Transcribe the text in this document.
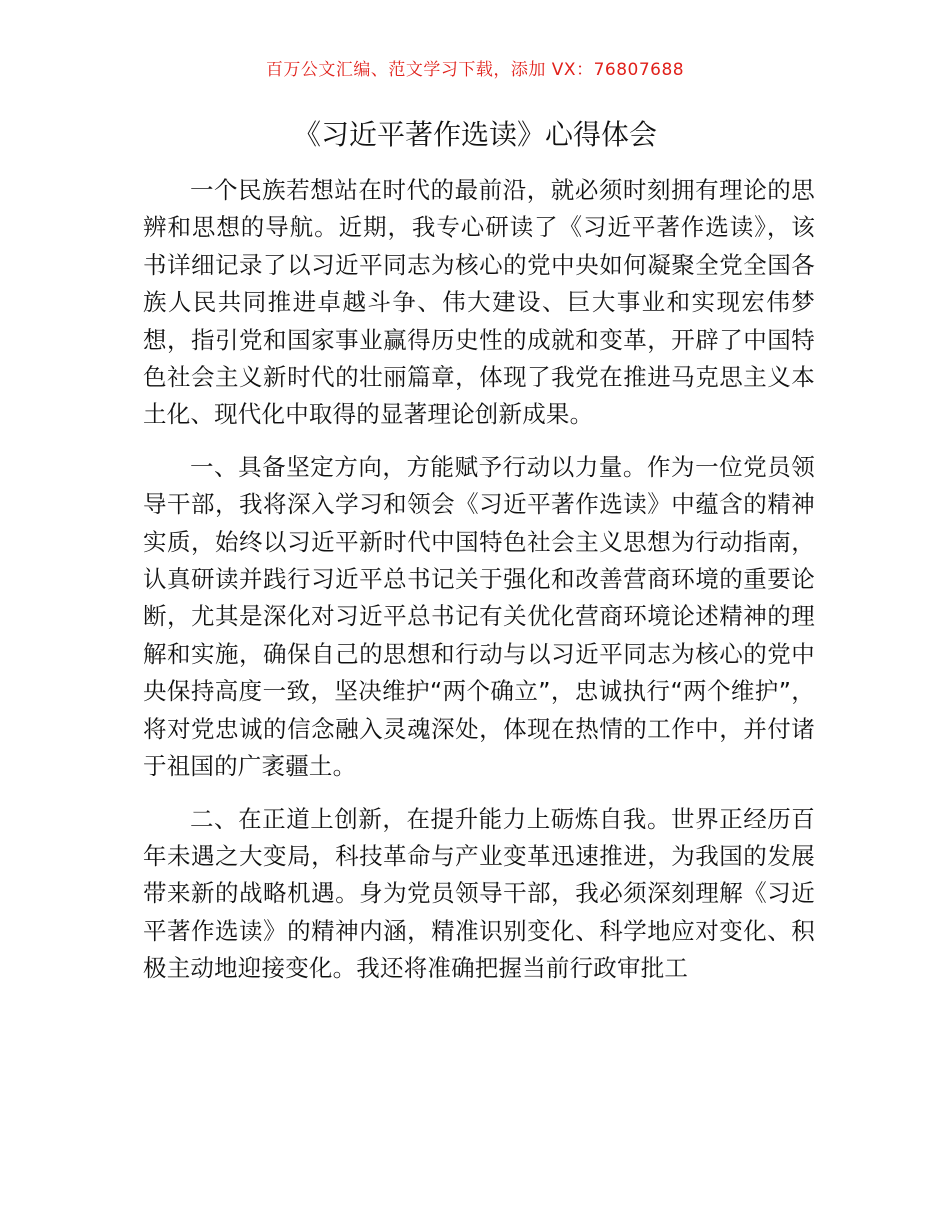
百万公文汇编、范文学习下载，添加 VX：76807688
《习近平著作选读》心得体会

一个民族若想站在时代的最前沿，就必须时刻拥有理论的思辨和思想的导航。近期，我专心研读了《习近平著作选读》，该书详细记录了以习近平同志为核心的党中央如何凝聚全党全国各族人民共同推进卓越斗争、伟大建设、巨大事业和实现宏伟梦想，指引党和国家事业赢得历史性的成就和变革，开辟了中国特色社会主义新时代的壮丽篇章，体现了我党在推进马克思主义本土化、现代化中取得的显著理论创新成果。

一、具备坚定方向，方能赋予行动以力量。作为一位党员领导干部，我将深入学习和领会《习近平著作选读》中蕴含的精神实质，始终以习近平新时代中国特色社会主义思想为行动指南，认真研读并践行习近平总书记关于强化和改善营商环境的重要论断，尤其是深化对习近平总书记有关优化营商环境论述精神的理解和实施，确保自己的思想和行动与以习近平同志为核心的党中央保持高度一致，坚决维护“两个确立”，忠诚执行“两个维护”，将对党忠诚的信念融入灵魂深处，体现在热情的工作中，并付诸于祖国的广袤疆土。

二、在正道上创新，在提升能力上砺炼自我。世界正经历百年未遇之大变局，科技革命与产业变革迅速推进，为我国的发展带来新的战略机遇。身为党员领导干部，我必须深刻理解《习近平著作选读》的精神内涵，精准识别变化、科学地应对变化、积极主动地迎接变化。我还将准确把握当前行政审批工
